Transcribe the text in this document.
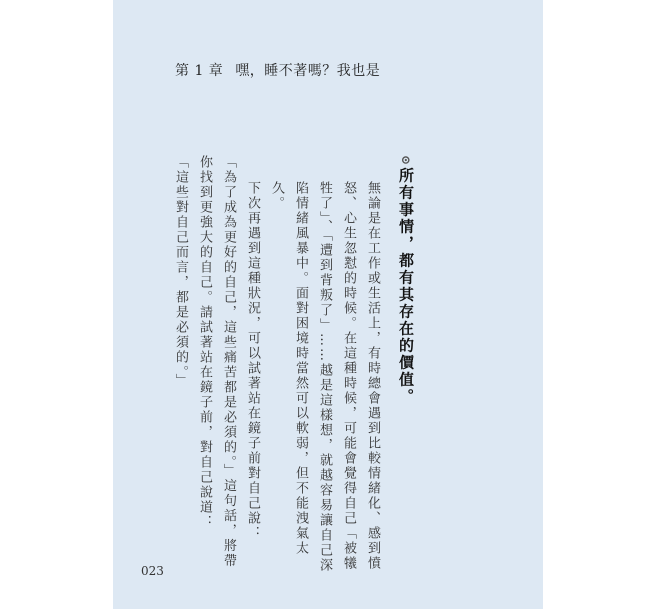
第 1 章 嘿，睡不著嗎？我也是
⊙所有事情，都有其存在的價值。
無論是在工作或生活上，有時總會遇到比較情緒化、感到憤怒、心生忽懟的時候。在這種時候，可能會覺得自己「被犧牲了」、「遭到背叛了」……越是這樣想，就越容易讓自己深陷情緒風暴中。面對困境時當然可以軟弱，但不能洩氣太久。
下次再遇到這種狀況，可以試著站在鏡子前對自己說：
「為了成為更好的自己，這些痛苦都是必須的。」這句話，將帶你找到更強大的自己。請試著站在鏡子前，對自己說道：
「這些對自己而言，都是必須的。」
023
